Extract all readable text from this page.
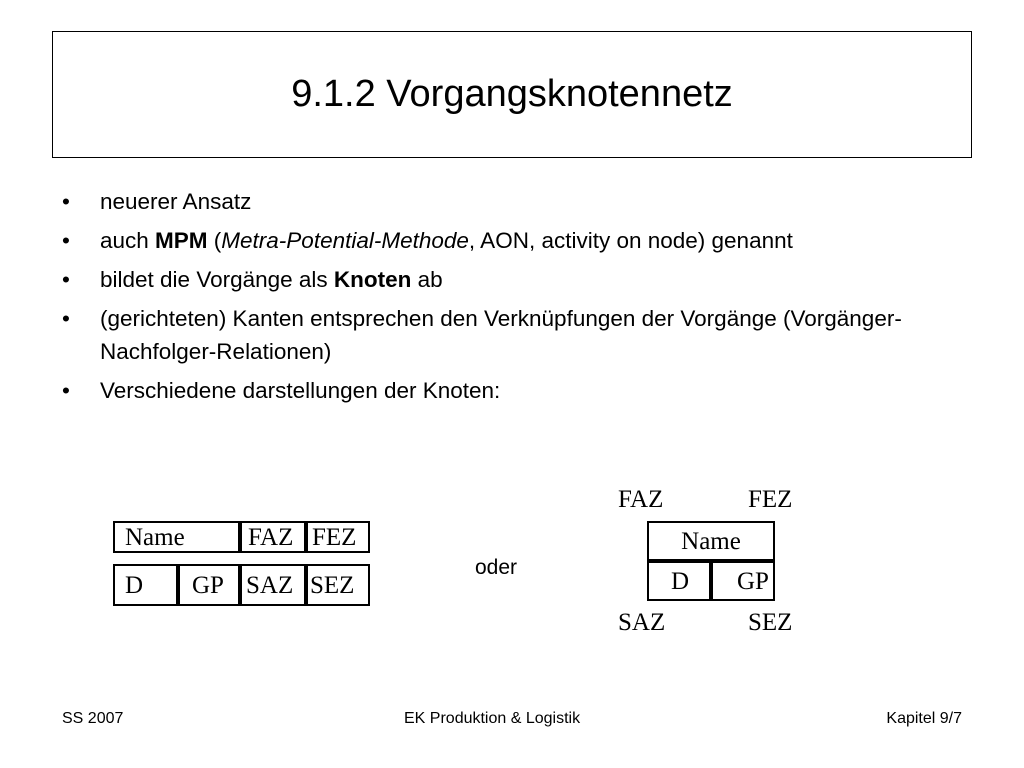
9.1.2 Vorgangsknotennetz
• neuerer Ansatz
• auch MPM (Metra-Potential-Methode, AON, activity on node) genannt
• bildet die Vorgänge als Knoten ab
• (gerichteten) Kanten entsprechen den Verknüpfungen der Vorgänge (Vorgänger-Nachfolger-Relationen)
• Verschiedene darstellungen der Knoten:
Name	FAZ FEZ
D GP SAZ SEZ
oder
FAZ	FEZ
Name
D GP
SAZ	SEZ
SS 2007	EK Produktion & Logistik	Kapitel 9/7
